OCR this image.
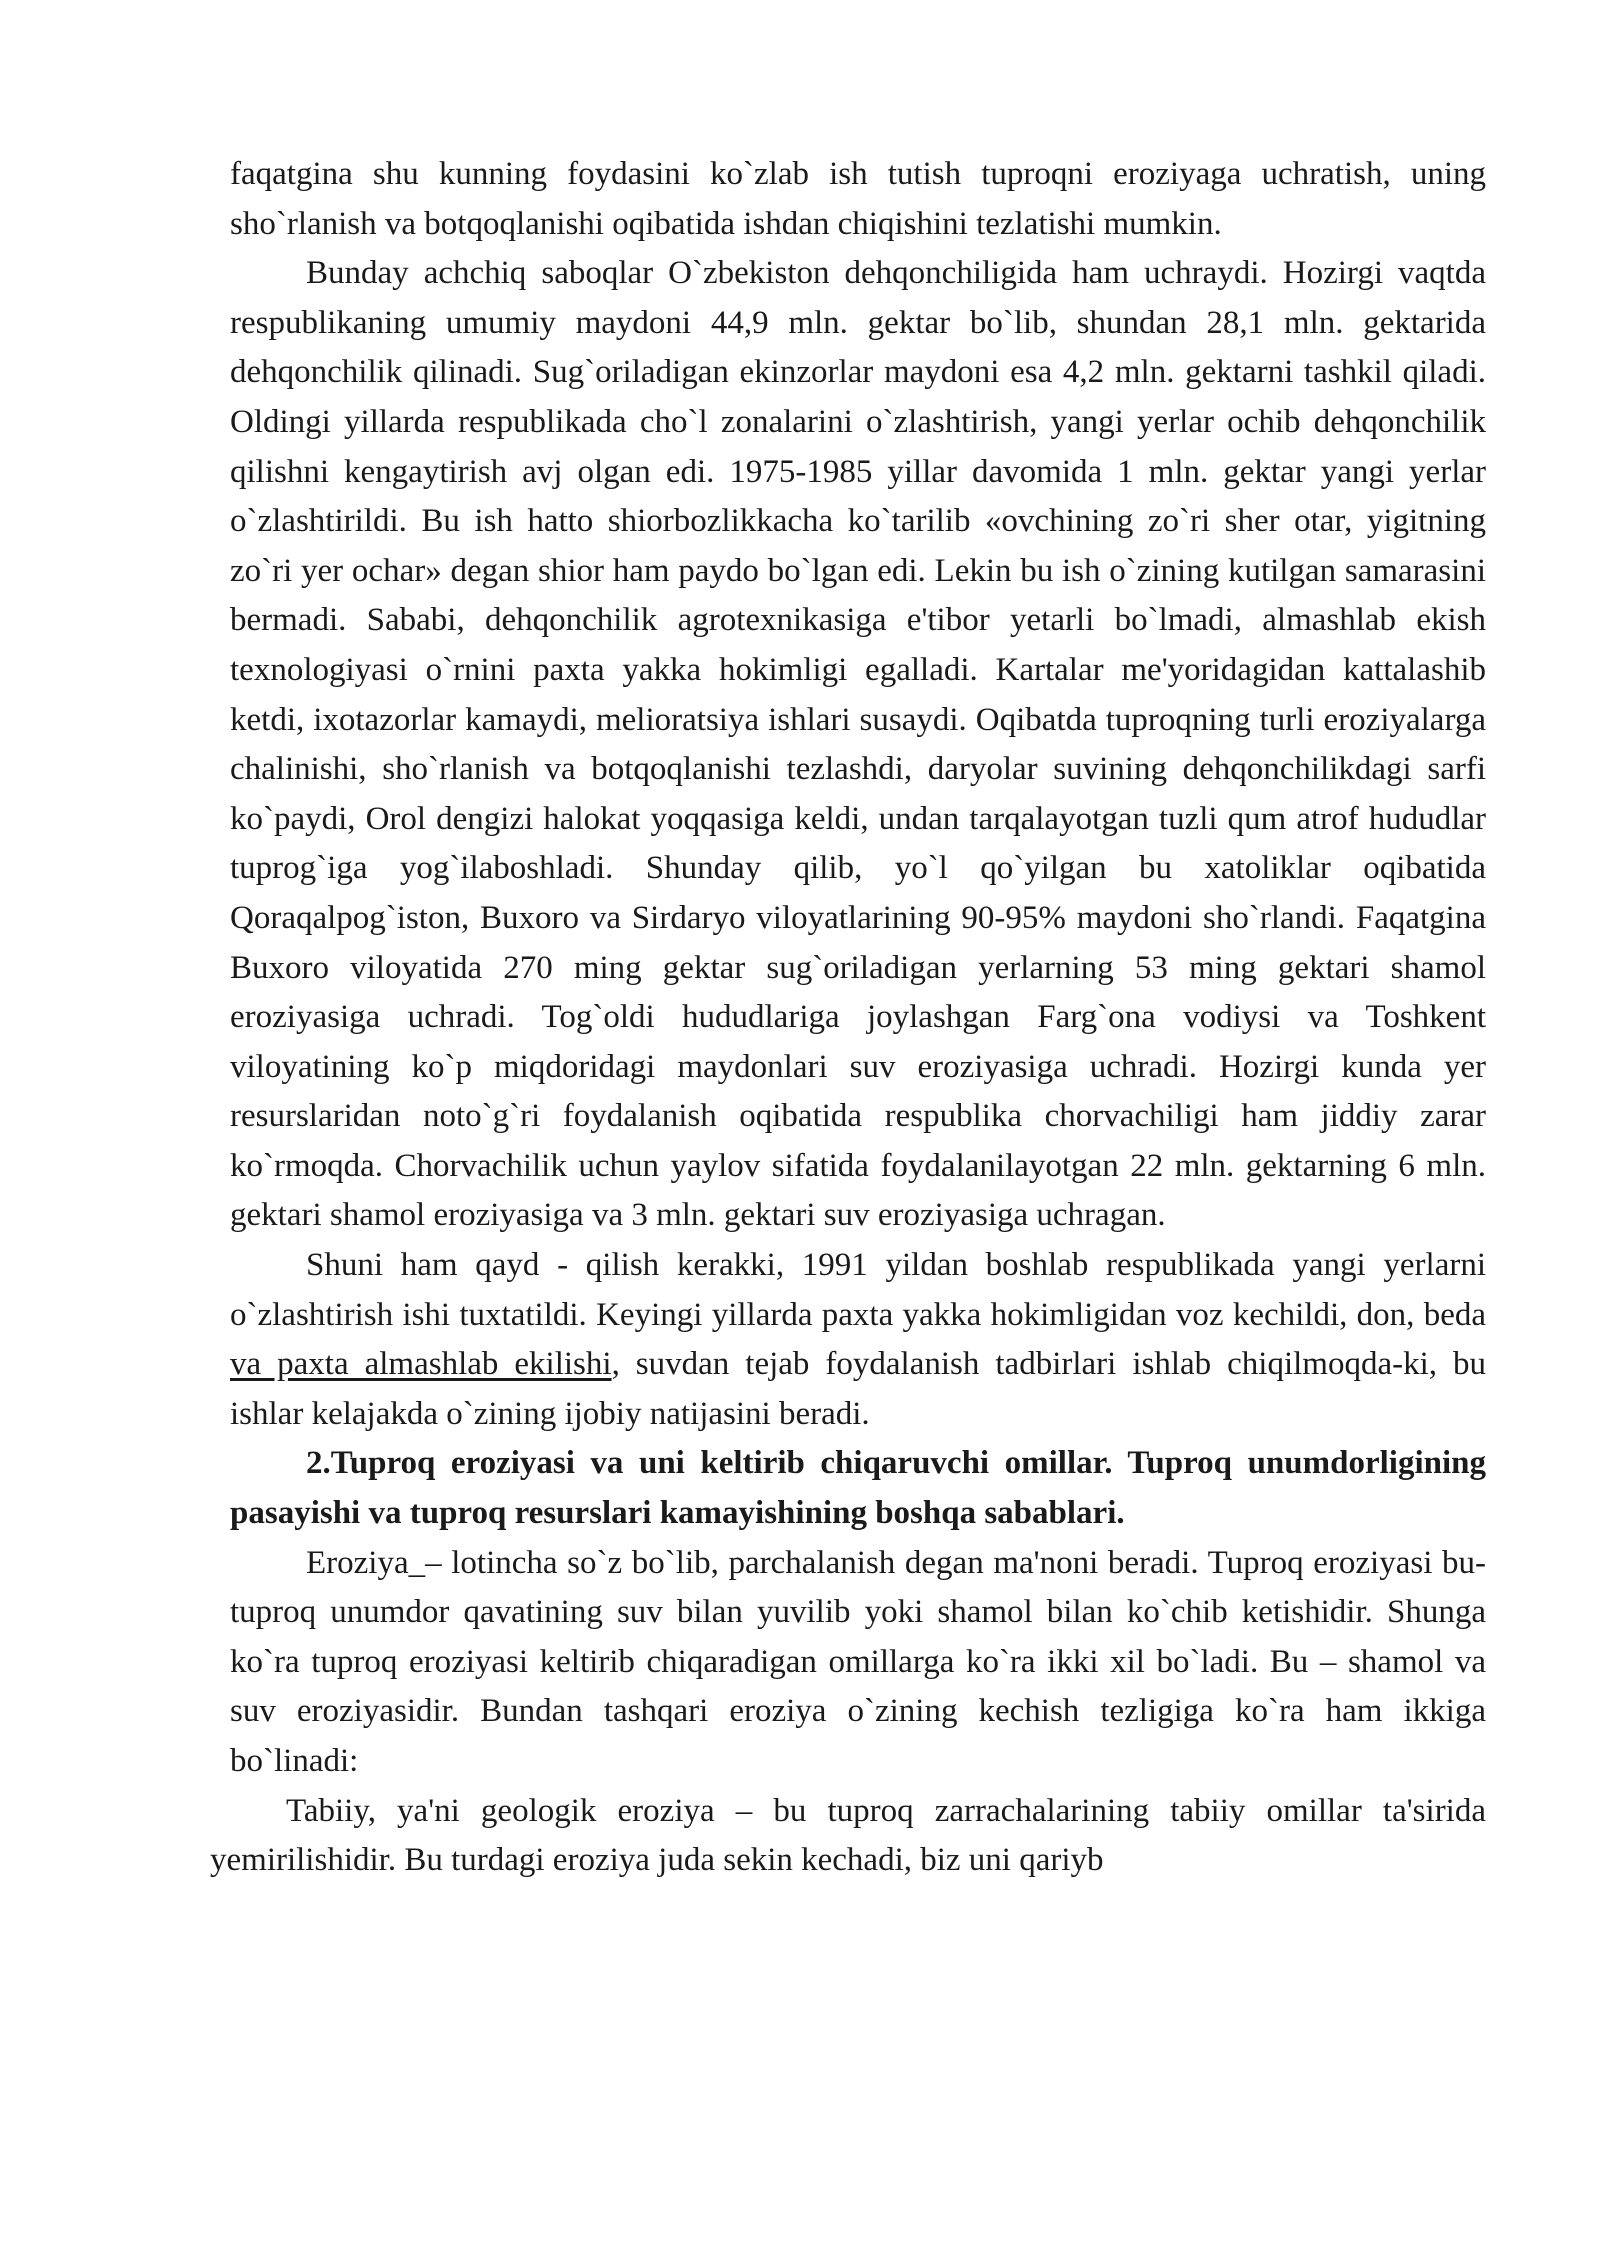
faqatgina shu kunning foydasini ko`zlab ish tutish tuproqni eroziyaga uchratish, uning sho`rlanish va botqoqlanishi oqibatida ishdan chiqishini tezlatishi mumkin.

Bunday achchiq saboqlar O`zbekiston dehqonchiligida ham uchraydi. Hozirgi vaqtda respublikaning umumiy maydoni 44,9 mln. gektar bo`lib, shundan 28,1 mln. gektarida dehqonchilik qilinadi. Sug`oriladigan ekinzorlar maydoni esa 4,2 mln. gektarni tashkil qiladi. Oldingi yillarda respublikada cho`l zonalarini o`zlashtirish, yangi yerlar ochib dehqonchilik qilishni kengaytirish avj olgan edi. 1975-1985 yillar davomida 1 mln. gektar yangi yerlar o`zlashtirildi. Bu ish hatto shiorbozlikkacha ko`tarilib «ovchining zo`ri sher otar, yigitning zo`ri yer ochar» degan shior ham paydo bo`lgan edi. Lekin bu ish o`zining kutilgan samarasini bermadi. Sababi, dehqonchilik agrotexnikasiga e'tibor yetarli bo`lmadi, almashlab ekish texnologiyasi o`rnini paxta yakka hokimligi egalladi. Kartalar me'yoridagidan kattalashib ketdi, ixotazorlar kamaydi, melioratsiya ishlari susaydi. Oqibatda tuproqning turli eroziyalarga chalinishi, sho`rlanish va botqoqlanishi tezlashdi, daryolar suvining dehqonchilikdagi sarfi ko`paydi, Orol dengizi halokat yoqqasiga keldi, undan tarqalayotgan tuzli qum atrof hududlar tuprog`iga yog`ilaboshladi. Shunday qilib, yo`l qo`yilgan bu xatoliklar oqibatida Qoraqalpog`iston, Buxoro va Sirdaryo viloyatlarining 90-95% maydoni sho`rlandi. Faqatgina Buxoro viloyatida 270 ming gektar sug`oriladigan yerlarning 53 ming gektari shamol eroziyasiga uchradi. Tog`oldi hududlariga joylashgan Farg`ona vodiysi va Toshkent viloyatining ko`p miqdoridagi maydonlari suv eroziyasiga uchradi. Hozirgi kunda yer resurslaridan noto`g`ri foydalanish oqibatida respublika chorvachiligi ham jiddiy zarar ko`rmoqda. Chorvachilik uchun yaylov sifatida foydalanilayotgan 22 mln. gektarning 6 mln. gektari shamol eroziyasiga va 3 mln. gektari suv eroziyasiga uchragan.

Shuni ham qayd - qilish kerakki, 1991 yildan boshlab respublikada yangi yerlarni o`zlashtirish ishi tuxtatildi. Keyingi yillarda paxta yakka hokimligidan voz kechildi, don, beda va paxta almashlab ekilishi, suvdan tejab foydalanish tadbirlari ishlab chiqilmoqda-ki, bu ishlar kelajakda o`zining ijobiy natijasini beradi.

2.Tuproq eroziyasi va uni keltirib chiqaruvchi omillar. Tuproq unumdorligining pasayishi va tuproq resurslari kamayishining boshqa sabablari.

Eroziya_– lotincha so`z bo`lib, parchalanish degan ma'noni beradi. Tuproq eroziyasi bu-tuproq unumdor qavatining suv bilan yuvilib yoki shamol bilan ko`chib ketishidir. Shunga ko`ra tuproq eroziyasi keltirib chiqaradigan omillarga ko`ra ikki xil bo`ladi. Bu – shamol va suv eroziyasidir. Bundan tashqari eroziya o`zining kechish tezligiga ko`ra ham ikkiga bo`linadi:

Tabiiy, ya'ni geologik eroziya – bu tuproq zarrachalarining tabiiy omillar ta'sirida yemirilishidir. Bu turdagi eroziya juda sekin kechadi, biz uni qariyb
